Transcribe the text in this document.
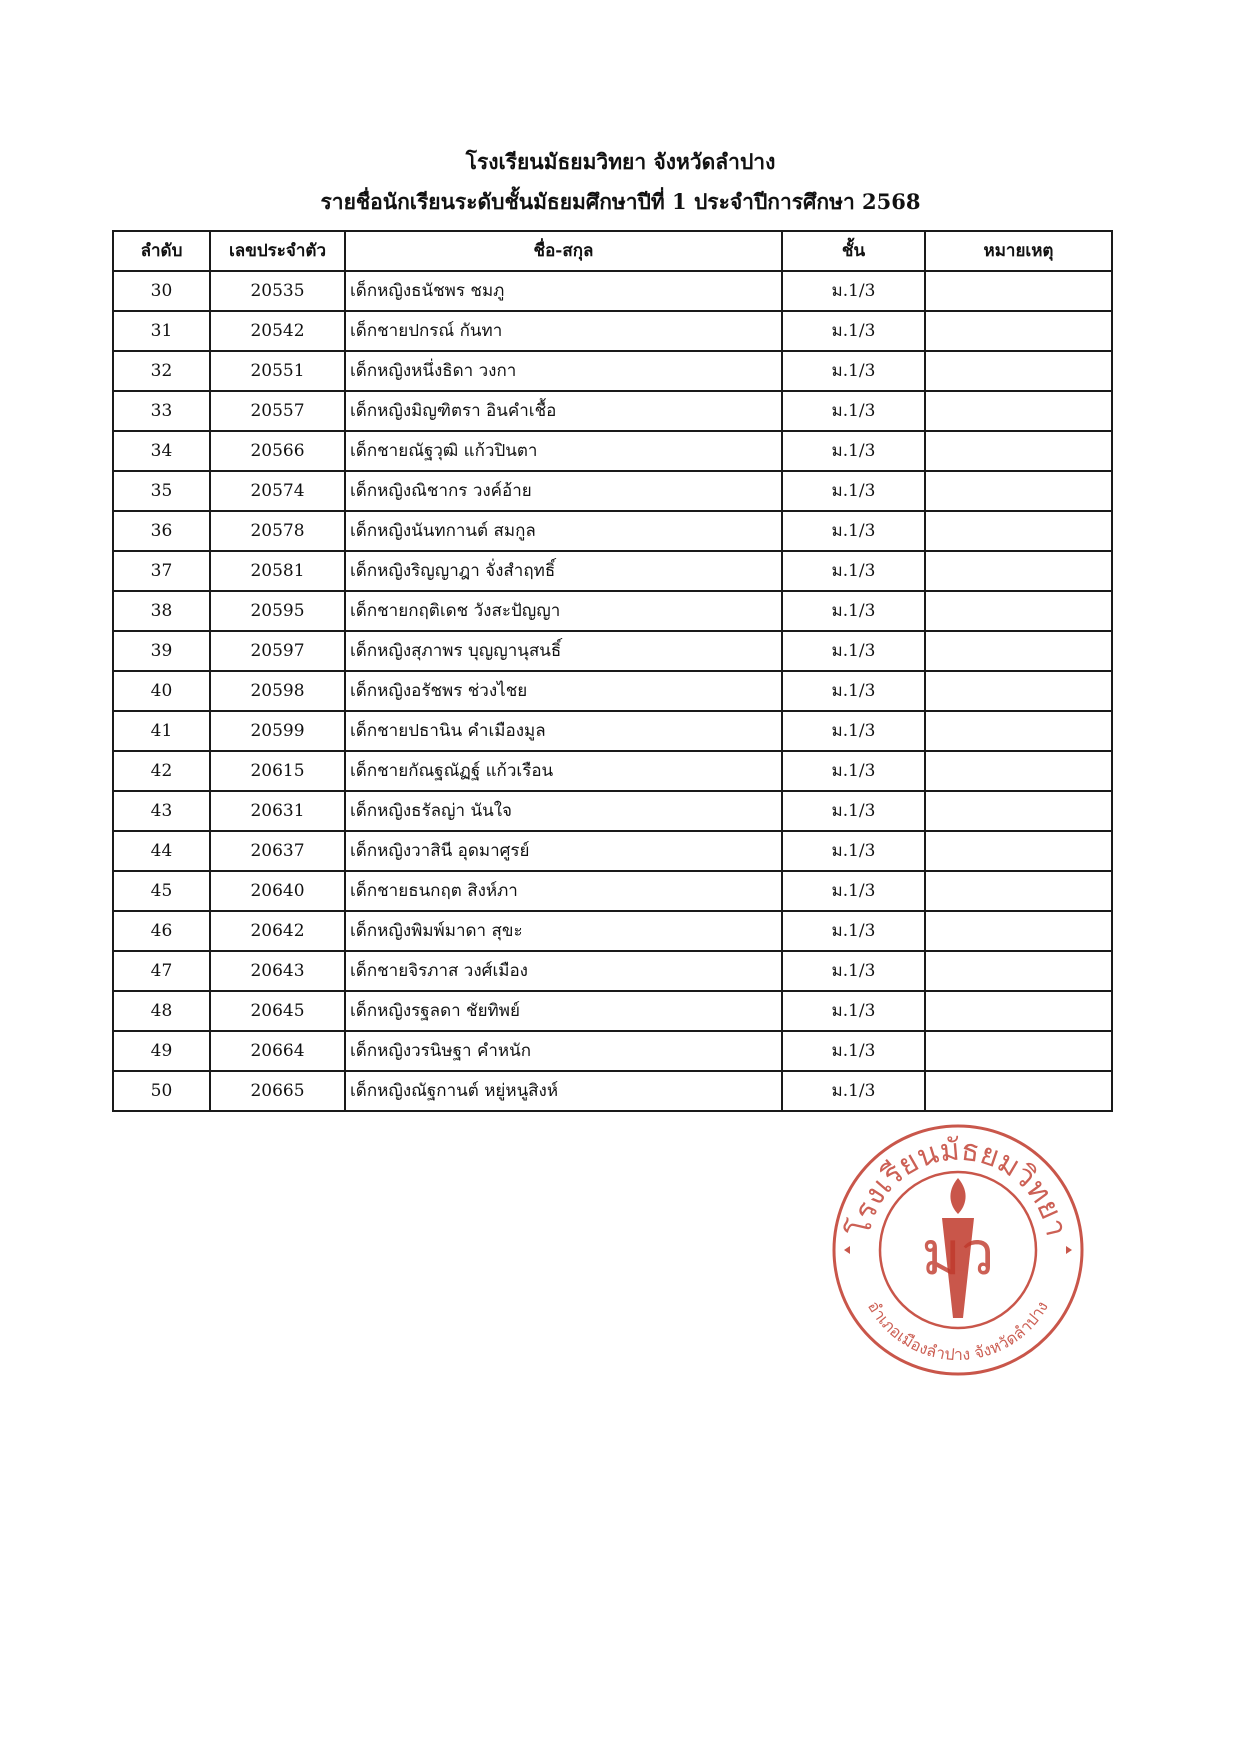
โรงเรียนมัธยมวิทยา จังหวัดลำปาง
รายชื่อนักเรียนระดับชั้นมัธยมศึกษาปีที่ 1 ประจำปีการศึกษา 2568
ลำดับ	เลขประจำตัว	ชื่อ-สกุล	ชั้น	หมายเหตุ
30	20535	เด็กหญิงธนัชพร ชมภู	ม.1/3	
31	20542	เด็กชายปกรณ์ กันทา	ม.1/3	
32	20551	เด็กหญิงหนึ่งธิดา วงกา	ม.1/3	
33	20557	เด็กหญิงมิญฑิตรา อินคำเชื้อ	ม.1/3	
34	20566	เด็กชายณัฐวุฒิ แก้วปินตา	ม.1/3	
35	20574	เด็กหญิงณิชากร วงค์อ้าย	ม.1/3	
36	20578	เด็กหญิงนันทกานต์ สมกูล	ม.1/3	
37	20581	เด็กหญิงริญญาฎา จั่งสำฤทธิ์	ม.1/3	
38	20595	เด็กชายกฤติเดช วังสะปัญญา	ม.1/3	
39	20597	เด็กหญิงสุภาพร บุญญานุสนธิ์	ม.1/3	
40	20598	เด็กหญิงอรัชพร ช่วงไชย	ม.1/3	
41	20599	เด็กชายปธานิน คำเมืองมูล	ม.1/3	
42	20615	เด็กชายกัณฐณัฏฐ์ แก้วเรือน	ม.1/3	
43	20631	เด็กหญิงธรัลญ่า นันใจ	ม.1/3	
44	20637	เด็กหญิงวาสินี อุดมาศูรย์	ม.1/3	
45	20640	เด็กชายธนกฤต สิงห์ภา	ม.1/3	
46	20642	เด็กหญิงพิมพ์มาดา สุขะ	ม.1/3	
47	20643	เด็กชายจิรภาส วงศ์เมือง	ม.1/3	
48	20645	เด็กหญิงรฐลดา ชัยทิพย์	ม.1/3	
49	20664	เด็กหญิงวรนิษฐา คำหนัก	ม.1/3	
50	20665	เด็กหญิงณัฐกานต์ หยู่หนูสิงห์	ม.1/3	
มว
โรงเรียนมัธยมวิทยา
อำเภอเมืองลำปาง จังหวัดลำปาง
